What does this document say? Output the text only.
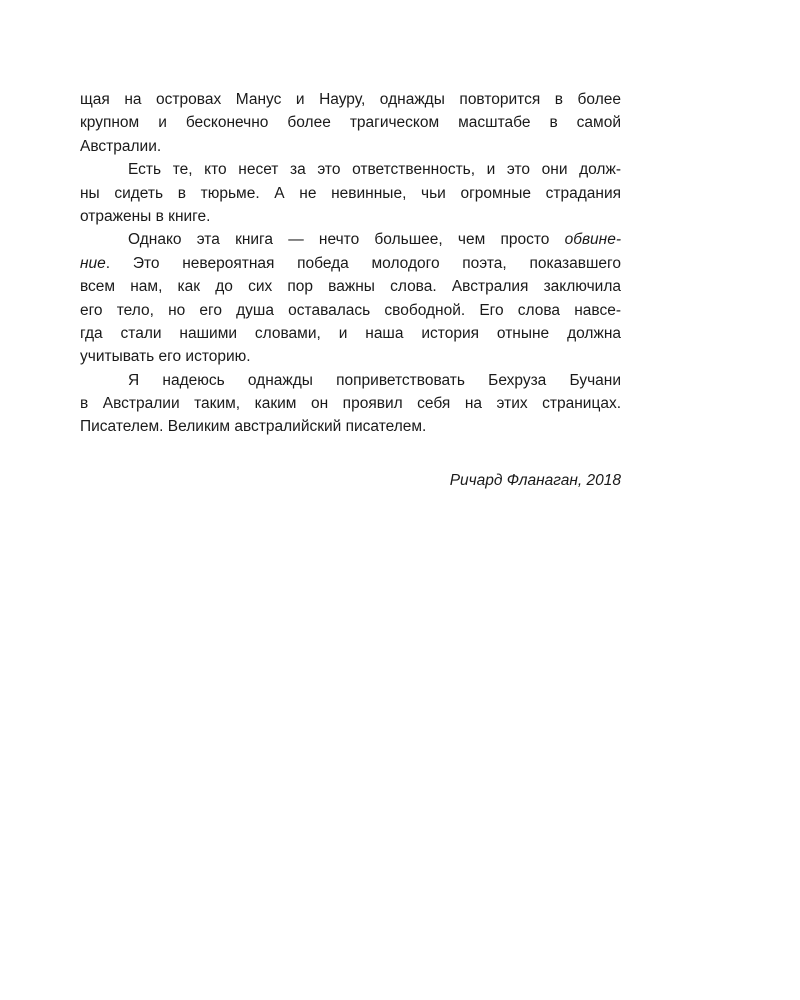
щая на островах Манус и Науру, однажды повторится в более
крупном и бесконечно более трагическом масштабе в самой
Австралии.
Есть те, кто несет за это ответственность, и это они долж-
ны сидеть в тюрьме. А не невинные, чьи огромные страдания
отражены в книге.
Однако эта книга — нечто большее, чем просто обвине-
ние. Это невероятная победа молодого поэта, показавшего
всем нам, как до сих пор важны слова. Австралия заключила
его тело, но его душа оставалась свободной. Его слова навсе-
гда стали нашими словами, и наша история отныне должна
учитывать его историю.
Я надеюсь однажды поприветствовать Бехруза Бучани
в Австралии таким, каким он проявил себя на этих страницах.
Писателем. Великим австралийский писателем.
Ричард Фланаган, 2018
